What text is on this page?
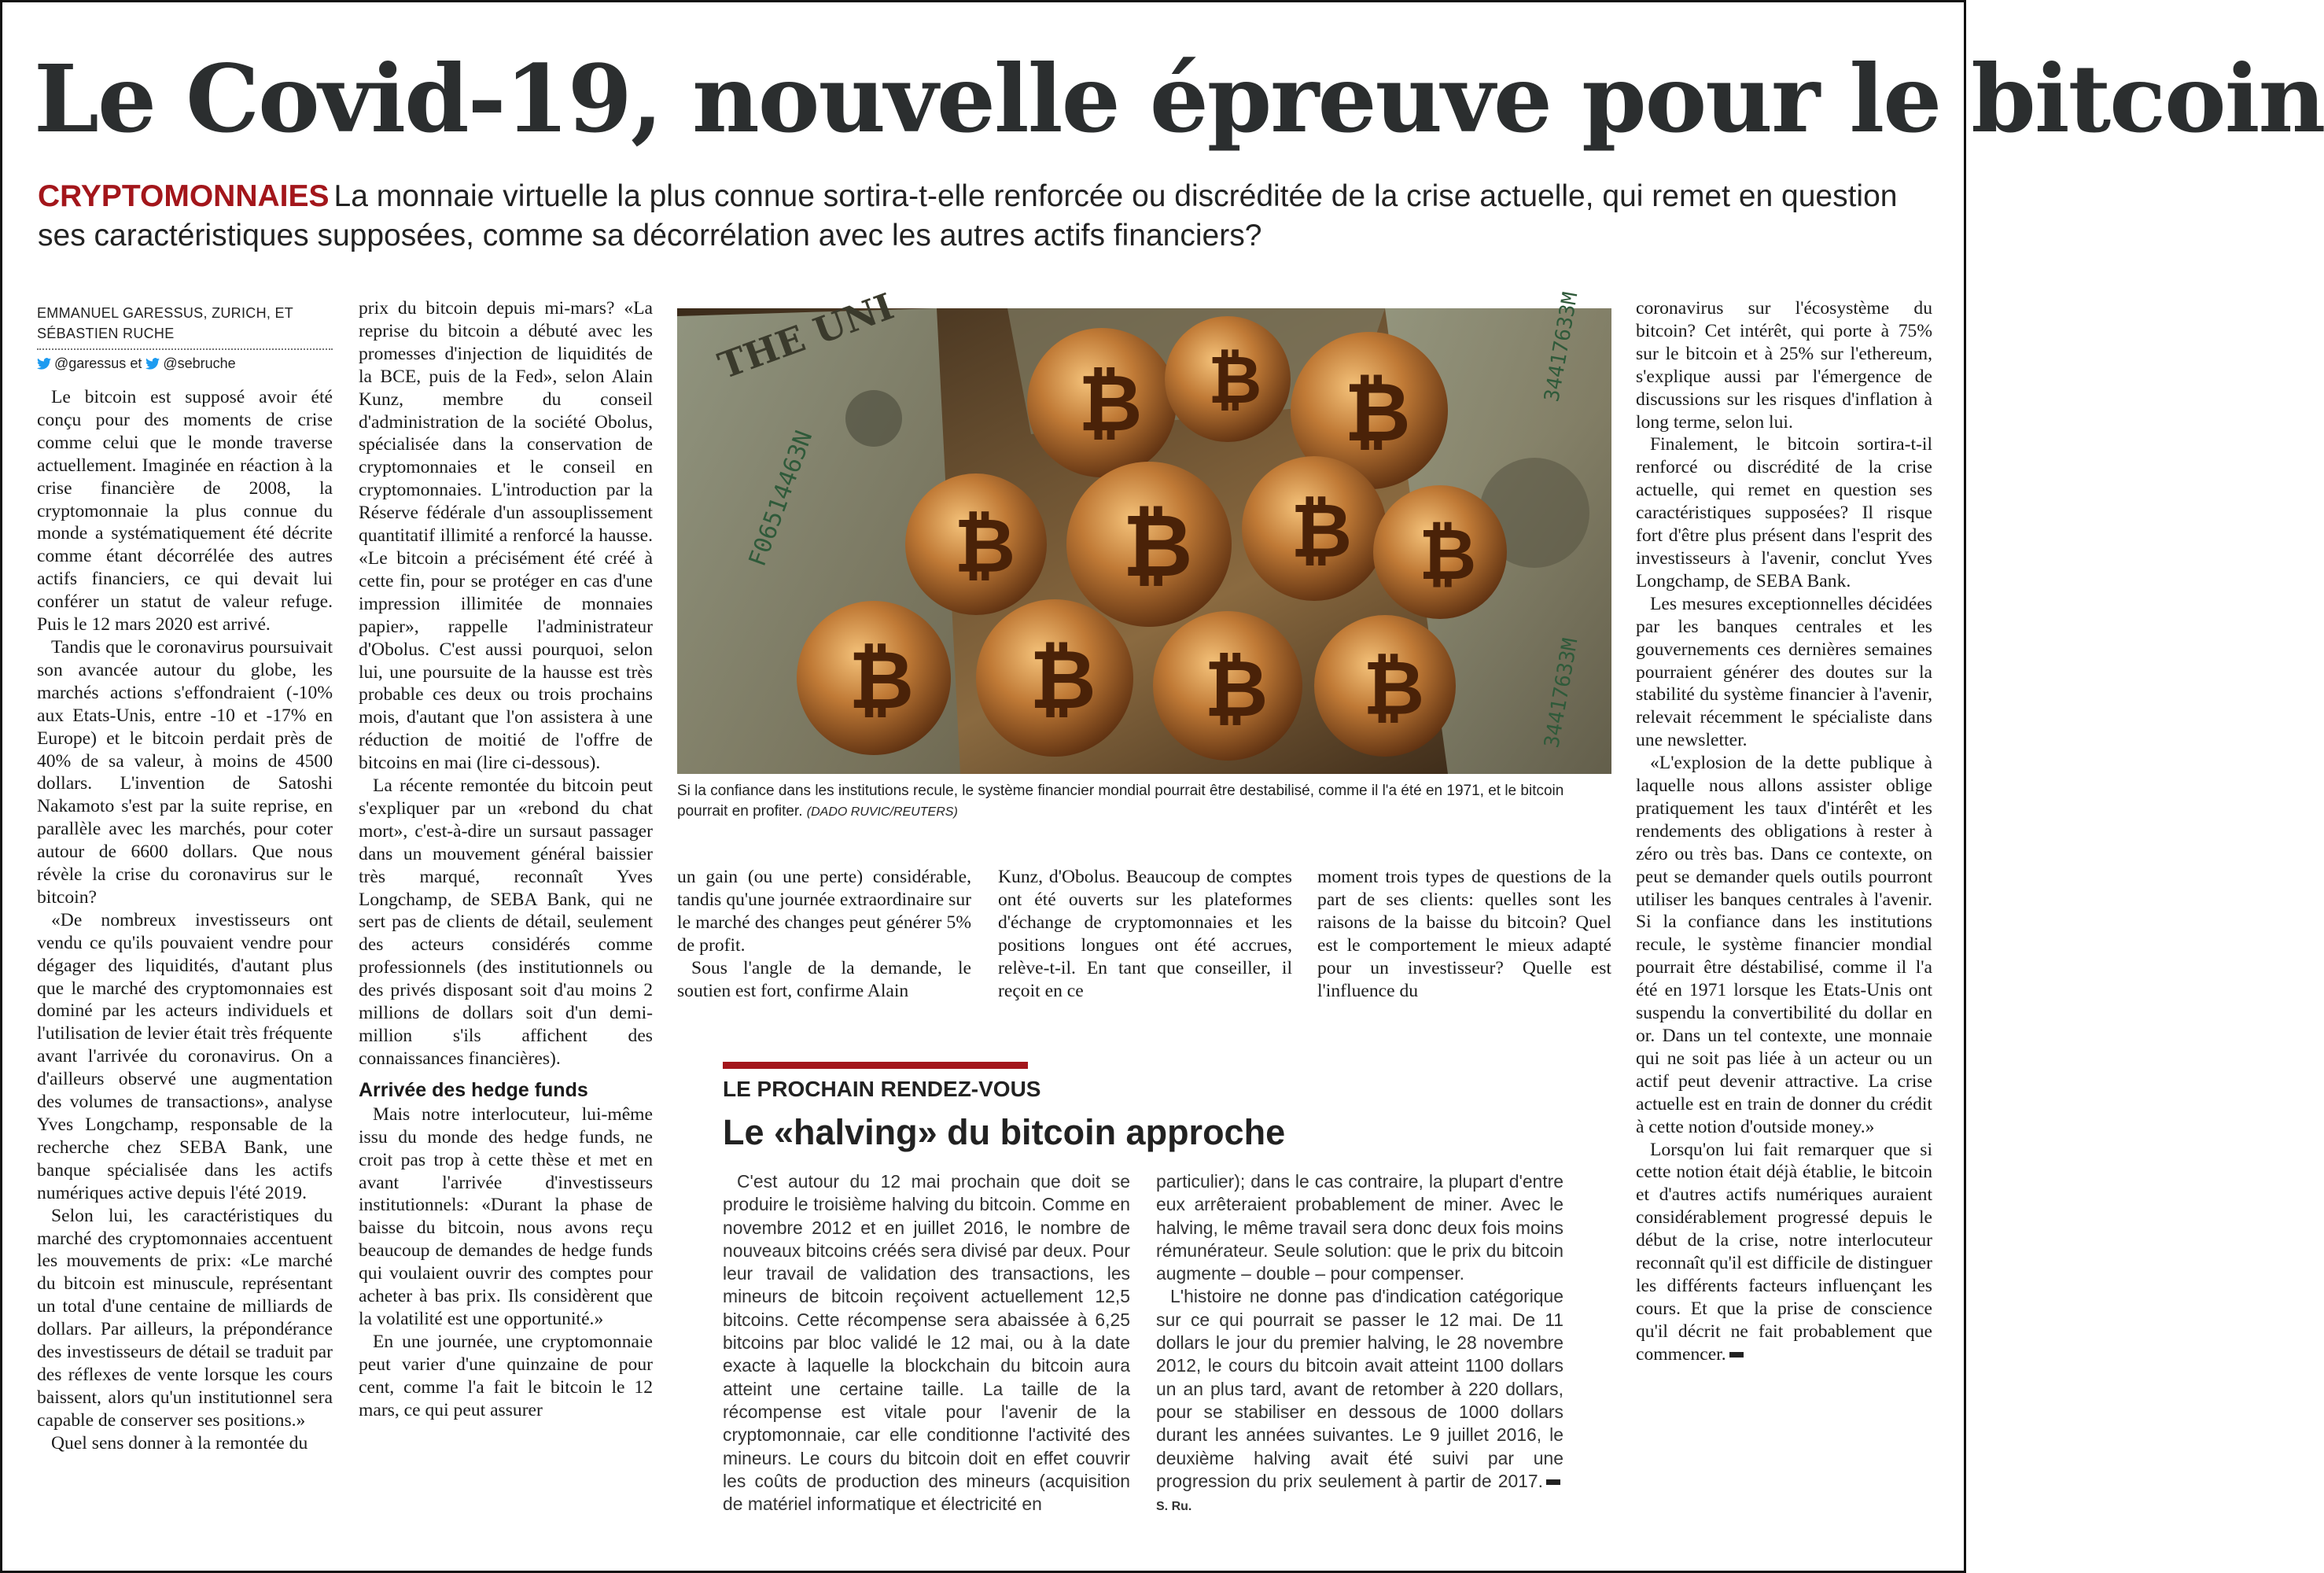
Le Covid-19, nouvelle épreuve pour le bitcoin
CRYPTOMONNAIES La monnaie virtuelle la plus connue sortira-t-elle renforcée ou discréditée de la crise actuelle, qui remet en question ses caractéristiques supposées, comme sa décorrélation avec les autres actifs financiers?
EMMANUEL GARESSUS, ZURICH, ET SÉBASTIEN RUCHE
@garessus et @sebruche

Le bitcoin est supposé avoir été conçu pour des moments de crise comme celui que le monde traverse actuellement. Imaginée en réaction à la crise financière de 2008, la cryptomonnaie la plus connue du monde a systématiquement été décrite comme étant décorrélée des autres actifs financiers, ce qui devait lui conférer un statut de valeur refuge. Puis le 12 mars 2020 est arrivé.

Tandis que le coronavirus poursuivait son avancée autour du globe, les marchés actions s'effondraient (-10% aux Etats-Unis, entre -10 et -17% en Europe) et le bitcoin perdait près de 40% de sa valeur, à moins de 4500 dollars. L'invention de Satoshi Nakamoto s'est par la suite reprise, en parallèle avec les marchés, pour coter autour de 6600 dollars. Que nous révèle la crise du coronavirus sur le bitcoin?

«De nombreux investisseurs ont vendu ce qu'ils pouvaient vendre pour dégager des liquidités, d'autant plus que le marché des cryptomonnaies est dominé par les acteurs individuels et l'utilisation de levier était très fréquente avant l'arrivée du coronavirus. On a d'ailleurs observé une augmentation des volumes de transactions», analyse Yves Longchamp, responsable de la recherche chez SEBA Bank, une banque spécialisée dans les actifs numériques active depuis l'été 2019.

Selon lui, les caractéristiques du marché des cryptomonnaies accentuent les mouvements de prix: «Le marché du bitcoin est minuscule, représentant un total d'une centaine de milliards de dollars. Par ailleurs, la prépondérance des investisseurs de détail se traduit par des réflexes de vente lorsque les cours baissent, alors qu'un institutionnel sera capable de conserver ses positions.»

Quel sens donner à la remontée du

prix du bitcoin depuis mi-mars? «La reprise du bitcoin a débuté avec les promesses d'injection de liquidités de la BCE, puis de la Fed», selon Alain Kunz, membre du conseil d'administration de la société Obolus, spécialisée dans la conservation de cryptomonnaies et le conseil en cryptomonnaies. L'introduction par la Réserve fédérale d'un assouplissement quantitatif illimité a renforcé la hausse. «Le bitcoin a précisément été créé à cette fin, pour se protéger en cas d'une impression illimitée de monnaies papier», rappelle l'administrateur d'Obolus. C'est aussi pourquoi, selon lui, une poursuite de la hausse est très probable ces deux ou trois prochains mois, d'autant que l'on assistera à une réduction de moitié de l'offre de bitcoins en mai (lire ci-dessous).

La récente remontée du bitcoin peut s'expliquer par un «rebond du chat mort», c'est-à-dire un sursaut passager dans un mouvement général baissier très marqué, reconnaît Yves Longchamp, de SEBA Bank, qui ne sert pas de clients de détail, seulement des acteurs considérés comme professionnels (des institutionnels ou des privés disposant soit d'au moins 2 millions de dollars soit d'un demi-million s'ils affichent des connaissances financières).

Arrivée des hedge funds

Mais notre interlocuteur, lui-même issu du monde des hedge funds, ne croit pas trop à cette thèse et met en avant l'arrivée d'investisseurs institutionnels: «Durant la phase de baisse du bitcoin, nous avons reçu beaucoup de demandes de hedge funds qui voulaient ouvrir des comptes pour acheter à bas prix. Ils considèrent que la volatilité est une opportunité.»

En une journée, une cryptomonnaie peut varier d'une quinzaine de pour cent, comme l'a fait le bitcoin le 12 mars, ce qui peut assurer

THE UNI
F06514463N
34417633M
34417633M
₿ ₿ ₿
₿ ₿ ₿ ₿
₿ ₿ ₿ ₿
Si la confiance dans les institutions recule, le système financier mondial pourrait être destabilisé, comme il l'a été en 1971, et le bitcoin pourrait en profiter. (DADO RUVIC/REUTERS)

un gain (ou une perte) considérable, tandis qu'une journée extraordinaire sur le marché des changes peut générer 5% de profit.

Sous l'angle de la demande, le soutien est fort, confirme Alain

Kunz, d'Obolus. Beaucoup de comptes ont été ouverts sur les plateformes d'échange de cryptomonnaies et les positions longues ont été accrues, relève-t-il. En tant que conseiller, il reçoit en ce

moment trois types de questions de la part de ses clients: quelles sont les raisons de la baisse du bitcoin? Quel est le comportement le mieux adapté pour un investisseur? Quelle est l'influence du

coronavirus sur l'écosystème du bitcoin? Cet intérêt, qui porte à 75% sur le bitcoin et à 25% sur l'ethereum, s'explique aussi par l'émergence de discussions sur les risques d'inflation à long terme, selon lui.

Finalement, le bitcoin sortira-t-il renforcé ou discrédité de la crise actuelle, qui remet en question ses caractéristiques supposées? Il risque fort d'être plus présent dans l'esprit des investisseurs à l'avenir, conclut Yves Longchamp, de SEBA Bank.

Les mesures exceptionnelles décidées par les banques centrales et les gouvernements ces dernières semaines pourraient générer des doutes sur la stabilité du système financier à l'avenir, relevait récemment le spécialiste dans une newsletter.

«L'explosion de la dette publique à laquelle nous allons assister oblige pratiquement les taux d'intérêt et les rendements des obligations à rester à zéro ou très bas. Dans ce contexte, on peut se demander quels outils pourront utiliser les banques centrales à l'avenir. Si la confiance dans les institutions recule, le système financier mondial pourrait être déstabilisé, comme il l'a été en 1971 lorsque les Etats-Unis ont suspendu la convertibilité du dollar en or. Dans un tel contexte, une monnaie qui ne soit pas liée à un acteur ou un actif peut devenir attractive. La crise actuelle est en train de donner du crédit à cette notion d'outside money.»

Lorsqu'on lui fait remarquer que si cette notion était déjà établie, le bitcoin et d'autres actifs numériques auraient considérablement progressé depuis le début de la crise, notre interlocuteur reconnaît qu'il est difficile de distinguer les différents facteurs influençant les cours. Et que la prise de conscience qu'il décrit ne fait probablement que commencer.

LE PROCHAIN RENDEZ-VOUS
Le «halving» du bitcoin approche

C'est autour du 12 mai prochain que doit se produire le troisième halving du bitcoin. Comme en novembre 2012 et en juillet 2016, le nombre de nouveaux bitcoins créés sera divisé par deux. Pour leur travail de validation des transactions, les mineurs de bitcoin reçoivent actuellement 12,5 bitcoins. Cette récompense sera abaissée à 6,25 bitcoins par bloc validé le 12 mai, ou à la date exacte à laquelle la blockchain du bitcoin aura atteint une certaine taille. La taille de la récompense est vitale pour l'avenir de la cryptomonnaie, car elle conditionne l'activité des mineurs. Le cours du bitcoin doit en effet couvrir les coûts de production des mineurs (acquisition de matériel informatique et électricité en

particulier); dans le cas contraire, la plupart d'entre eux arrêteraient probablement de miner. Avec le halving, le même travail sera donc deux fois moins rémunérateur. Seule solution: que le prix du bitcoin augmente – double – pour compenser.

L'histoire ne donne pas d'indication catégorique sur ce qui pourrait se passer le 12 mai. De 11 dollars le jour du premier halving, le 28 novembre 2012, le cours du bitcoin avait atteint 1100 dollars un an plus tard, avant de retomber à 220 dollars, pour se stabiliser en dessous de 1000 dollars durant les années suivantes. Le 9 juillet 2016, le deuxième halving avait été suivi par une progression du prix seulement à partir de 2017.S. Ru.
